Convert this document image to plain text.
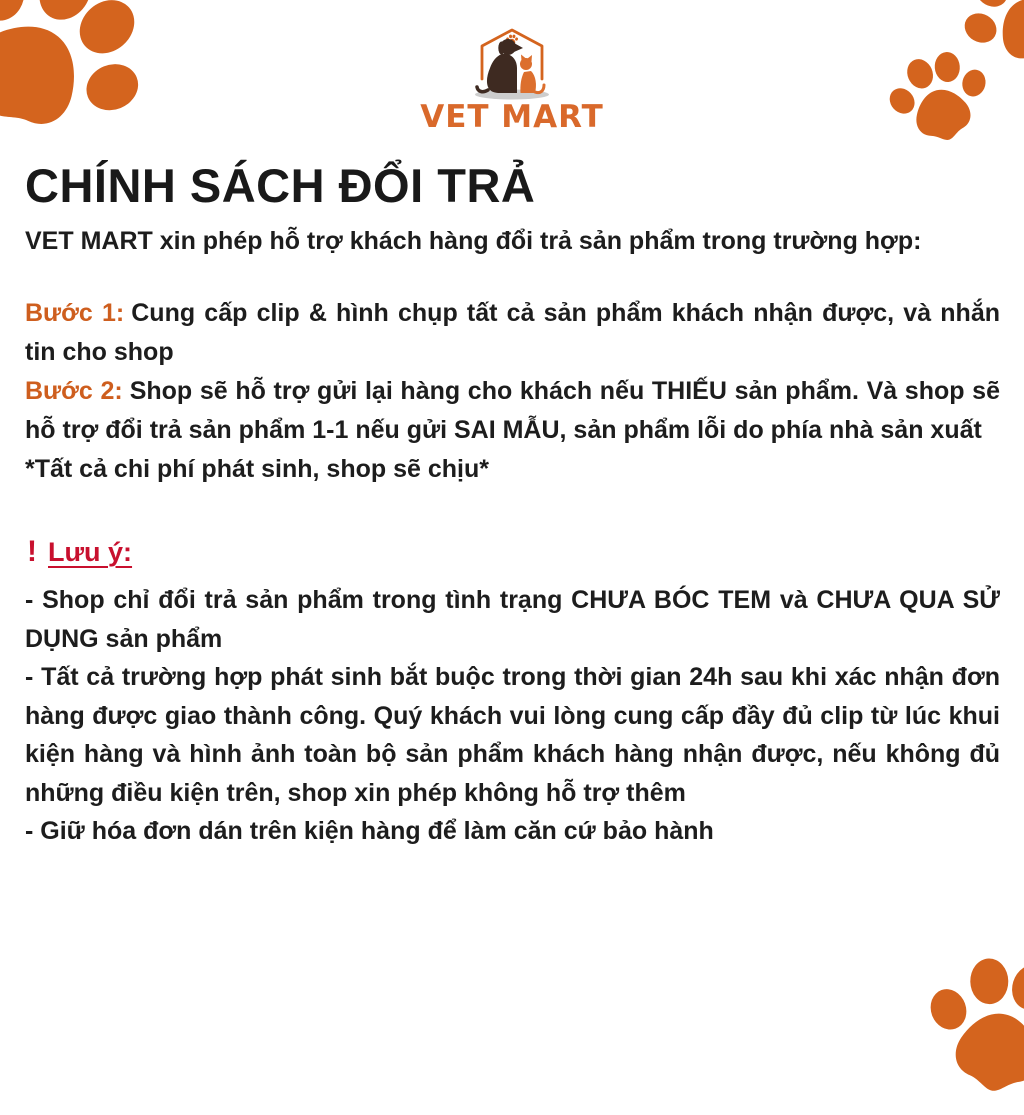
VET MART
CHÍNH SÁCH ĐỔI TRẢ

VET MART xin phép hỗ trợ khách hàng đổi trả sản phẩm trong trường hợp:

Bước 1: Cung cấp clip & hình chụp tất cả sản phẩm khách nhận được, và nhắn tin cho shop

Bước 2: Shop sẽ hỗ trợ gửi lại hàng cho khách nếu THIẾU sản phẩm. Và shop sẽ hỗ trợ đổi trả sản phẩm 1-1 nếu gửi SAI MẪU, sản phẩm lỗi do phía nhà sản xuất

*Tất cả chi phí phát sinh, shop sẽ chịu*

! Lưu ý:

- Shop chỉ đổi trả sản phẩm trong tình trạng CHƯA BÓC TEM và CHƯA QUA SỬ DỤNG sản phẩm

- Tất cả trường hợp phát sinh bắt buộc trong thời gian 24h sau khi xác nhận đơn hàng được giao thành công. Quý khách vui lòng cung cấp đầy đủ clip từ lúc khui kiện hàng và hình ảnh toàn bộ sản phẩm khách hàng nhận được, nếu không đủ những điều kiện trên, shop xin phép không hỗ trợ thêm

- Giữ hóa đơn dán trên kiện hàng để làm căn cứ bảo hành
